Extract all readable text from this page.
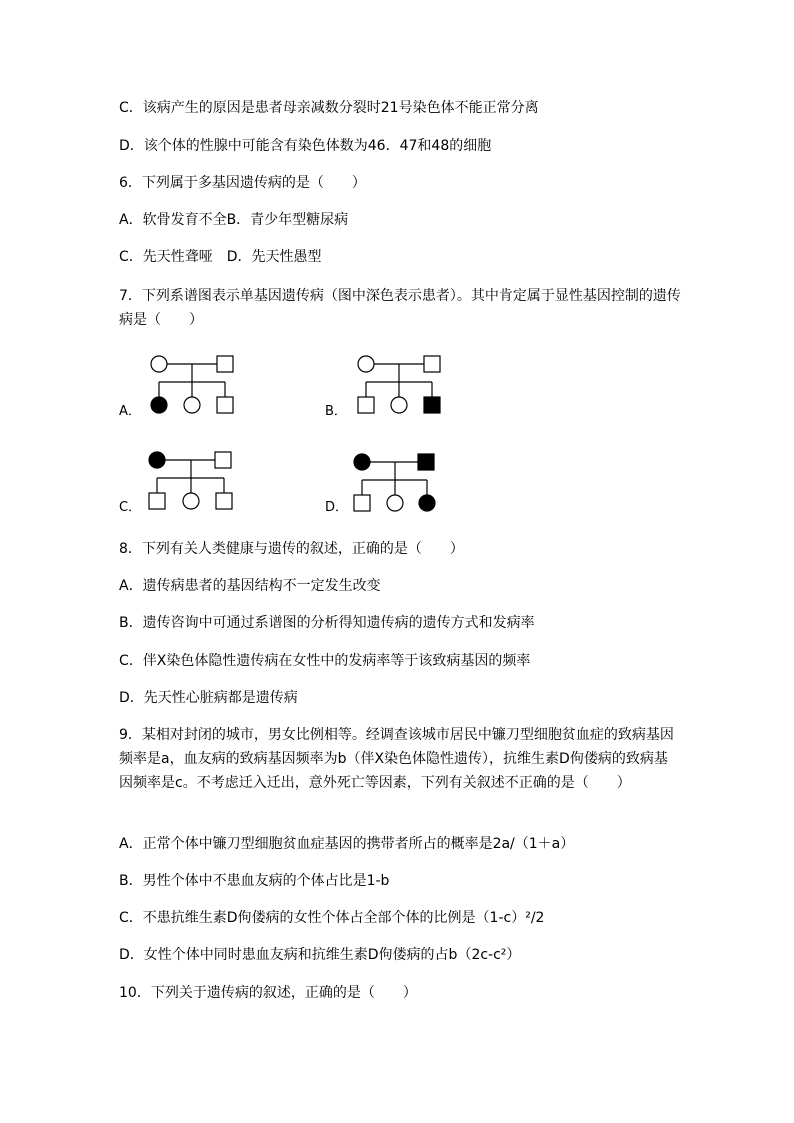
C．该病产生的原因是患者母亲减数分裂时21号染色体不能正常分离
D．该个体的性腺中可能含有染色体数为46．47和48的细胞
6．下列属于多基因遗传病的是（　　）
A．软骨发育不全B．青少年型糖尿病
C．先天性聋哑　D．先天性愚型
7．下列系谱图表示单基因遗传病（图中深色表示患者）。其中肯定属于显性基因控制的遗传病是（　　）
A．	B．
C．	D．
8．下列有关人类健康与遗传的叙述，正确的是（　　）
A．遗传病患者的基因结构不一定发生改变
B．遗传咨询中可通过系谱图的分析得知遗传病的遗传方式和发病率
C．伴X染色体隐性遗传病在女性中的发病率等于该致病基因的频率
D．先天性心脏病都是遗传病
9．某相对封闭的城市，男女比例相等。经调查该城市居民中镰刀型细胞贫血症的致病基因频率是a，血友病的致病基因频率为b（伴X染色体隐性遗传），抗维生素D佝偻病的致病基因频率是c。不考虑迁入迁出，意外死亡等因素，下列有关叙述不正确的是（　　）
A．正常个体中镰刀型细胞贫血症基因的携带者所占的概率是2a/（1＋a）
B．男性个体中不患血友病的个体占比是1-b
C．不患抗维生素D佝偻病的女性个体占全部个体的比例是（1-c）²/2
D．女性个体中同时患血友病和抗维生素D佝偻病的占b（2c-c²）
10．下列关于遗传病的叙述，正确的是（　　）
